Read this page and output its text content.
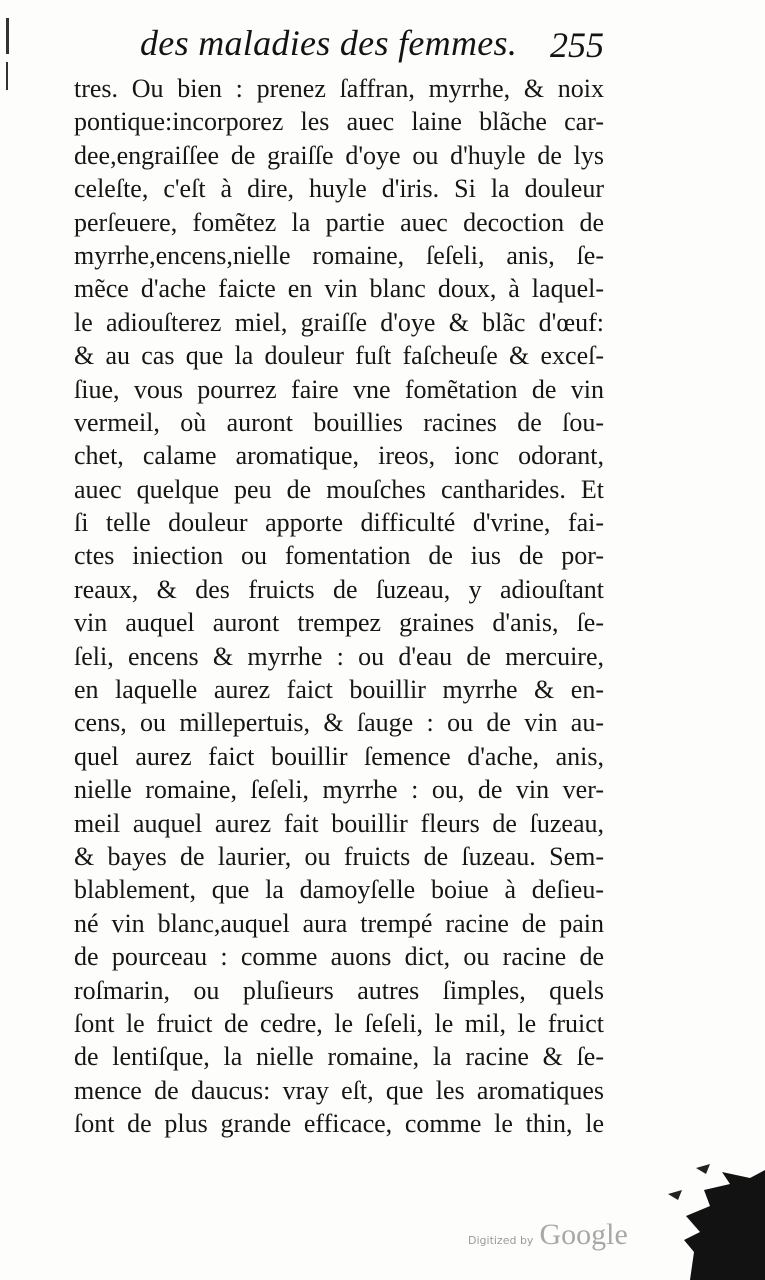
des maladies des femmes. 255
tres. Ou bien : prenez ſaffran, myrrhe, & noix
pontique:incorporez les auec laine blãche car-
dee,engraiſſee de graiſſe d'oye ou d'huyle de lys
celeſte, c'eſt à dire, huyle d'iris. Si la douleur
perſeuere, fomẽtez la partie auec decoction de
myrrhe,encens,nielle romaine, ſeſeli, anis, ſe-
mẽce d'ache faicte en vin blanc doux, à laquel-
le adiouſterez miel, graiſſe d'oye & blãc d'œuf:
& au cas que la douleur fuſt faſcheuſe & exceſ-
ſiue, vous pourrez faire vne fomẽtation de vin
vermeil, où auront bouillies racines de ſou-
chet, calame aromatique, ireos, ionc odorant,
auec quelque peu de mouſches cantharides. Et
ſi telle douleur apporte difficulté d'vrine, fai-
ctes iniection ou fomentation de ius de por-
reaux, & des fruicts de ſuzeau, y adiouſtant
vin auquel auront trempez graines d'anis, ſe-
ſeli, encens & myrrhe : ou d'eau de mercuire,
en laquelle aurez faict bouillir myrrhe & en-
cens, ou millepertuis, & ſauge : ou de vin au-
quel aurez faict bouillir ſemence d'ache, anis,
nielle romaine, ſeſeli, myrrhe : ou, de vin ver-
meil auquel aurez fait bouillir fleurs de ſuzeau,
& bayes de laurier, ou fruicts de ſuzeau. Sem-
blablement, que la damoyſelle boiue à deſieu-
né vin blanc,auquel aura trempé racine de pain
de pourceau : comme auons dict, ou racine de
roſmarin, ou pluſieurs autres ſimples, quels
ſont le fruict de cedre, le ſeſeli, le mil, le fruict
de lentiſque, la nielle romaine, la racine & ſe-
mence de daucus: vray eſt, que les aromatiques
ſont de plus grande efficace, comme le thin, le
Digitized by Google
